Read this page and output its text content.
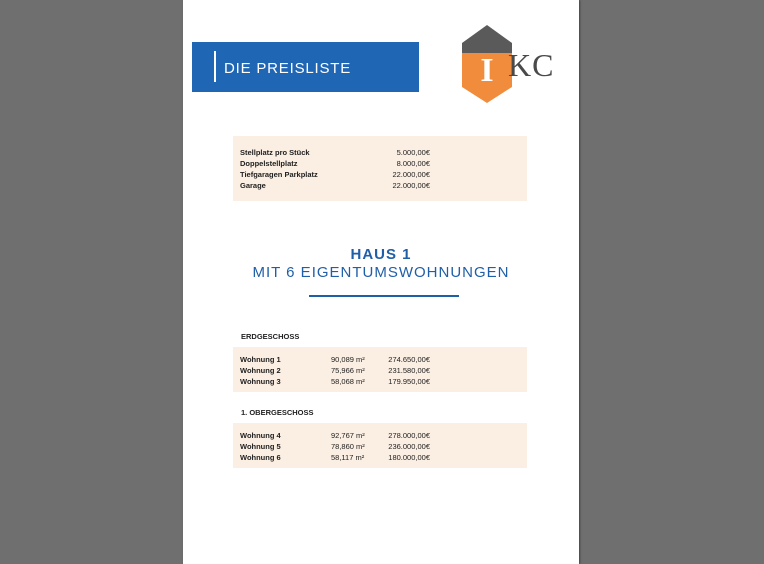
DIE PREISLISTE	I KC
Stellplatz pro Stück	5.000,00€
Doppelstellplatz	8.000,00€
Tiefgaragen Parkplatz	22.000,00€
Garage	22.000,00€
HAUS 1
MIT 6 EIGENTUMSWOHNUNGEN
ERDGESCHOSS
Wohnung 1	90,089 m²	274.650,00€
Wohnung 2	75,966 m²	231.580,00€
Wohnung 3	58,068 m²	179.950,00€
1. OBERGESCHOSS
Wohnung 4	92,767 m²	278.000,00€
Wohnung 5	78,860 m²	236.000,00€
Wohnung 6	58,117 m²	180.000,00€
